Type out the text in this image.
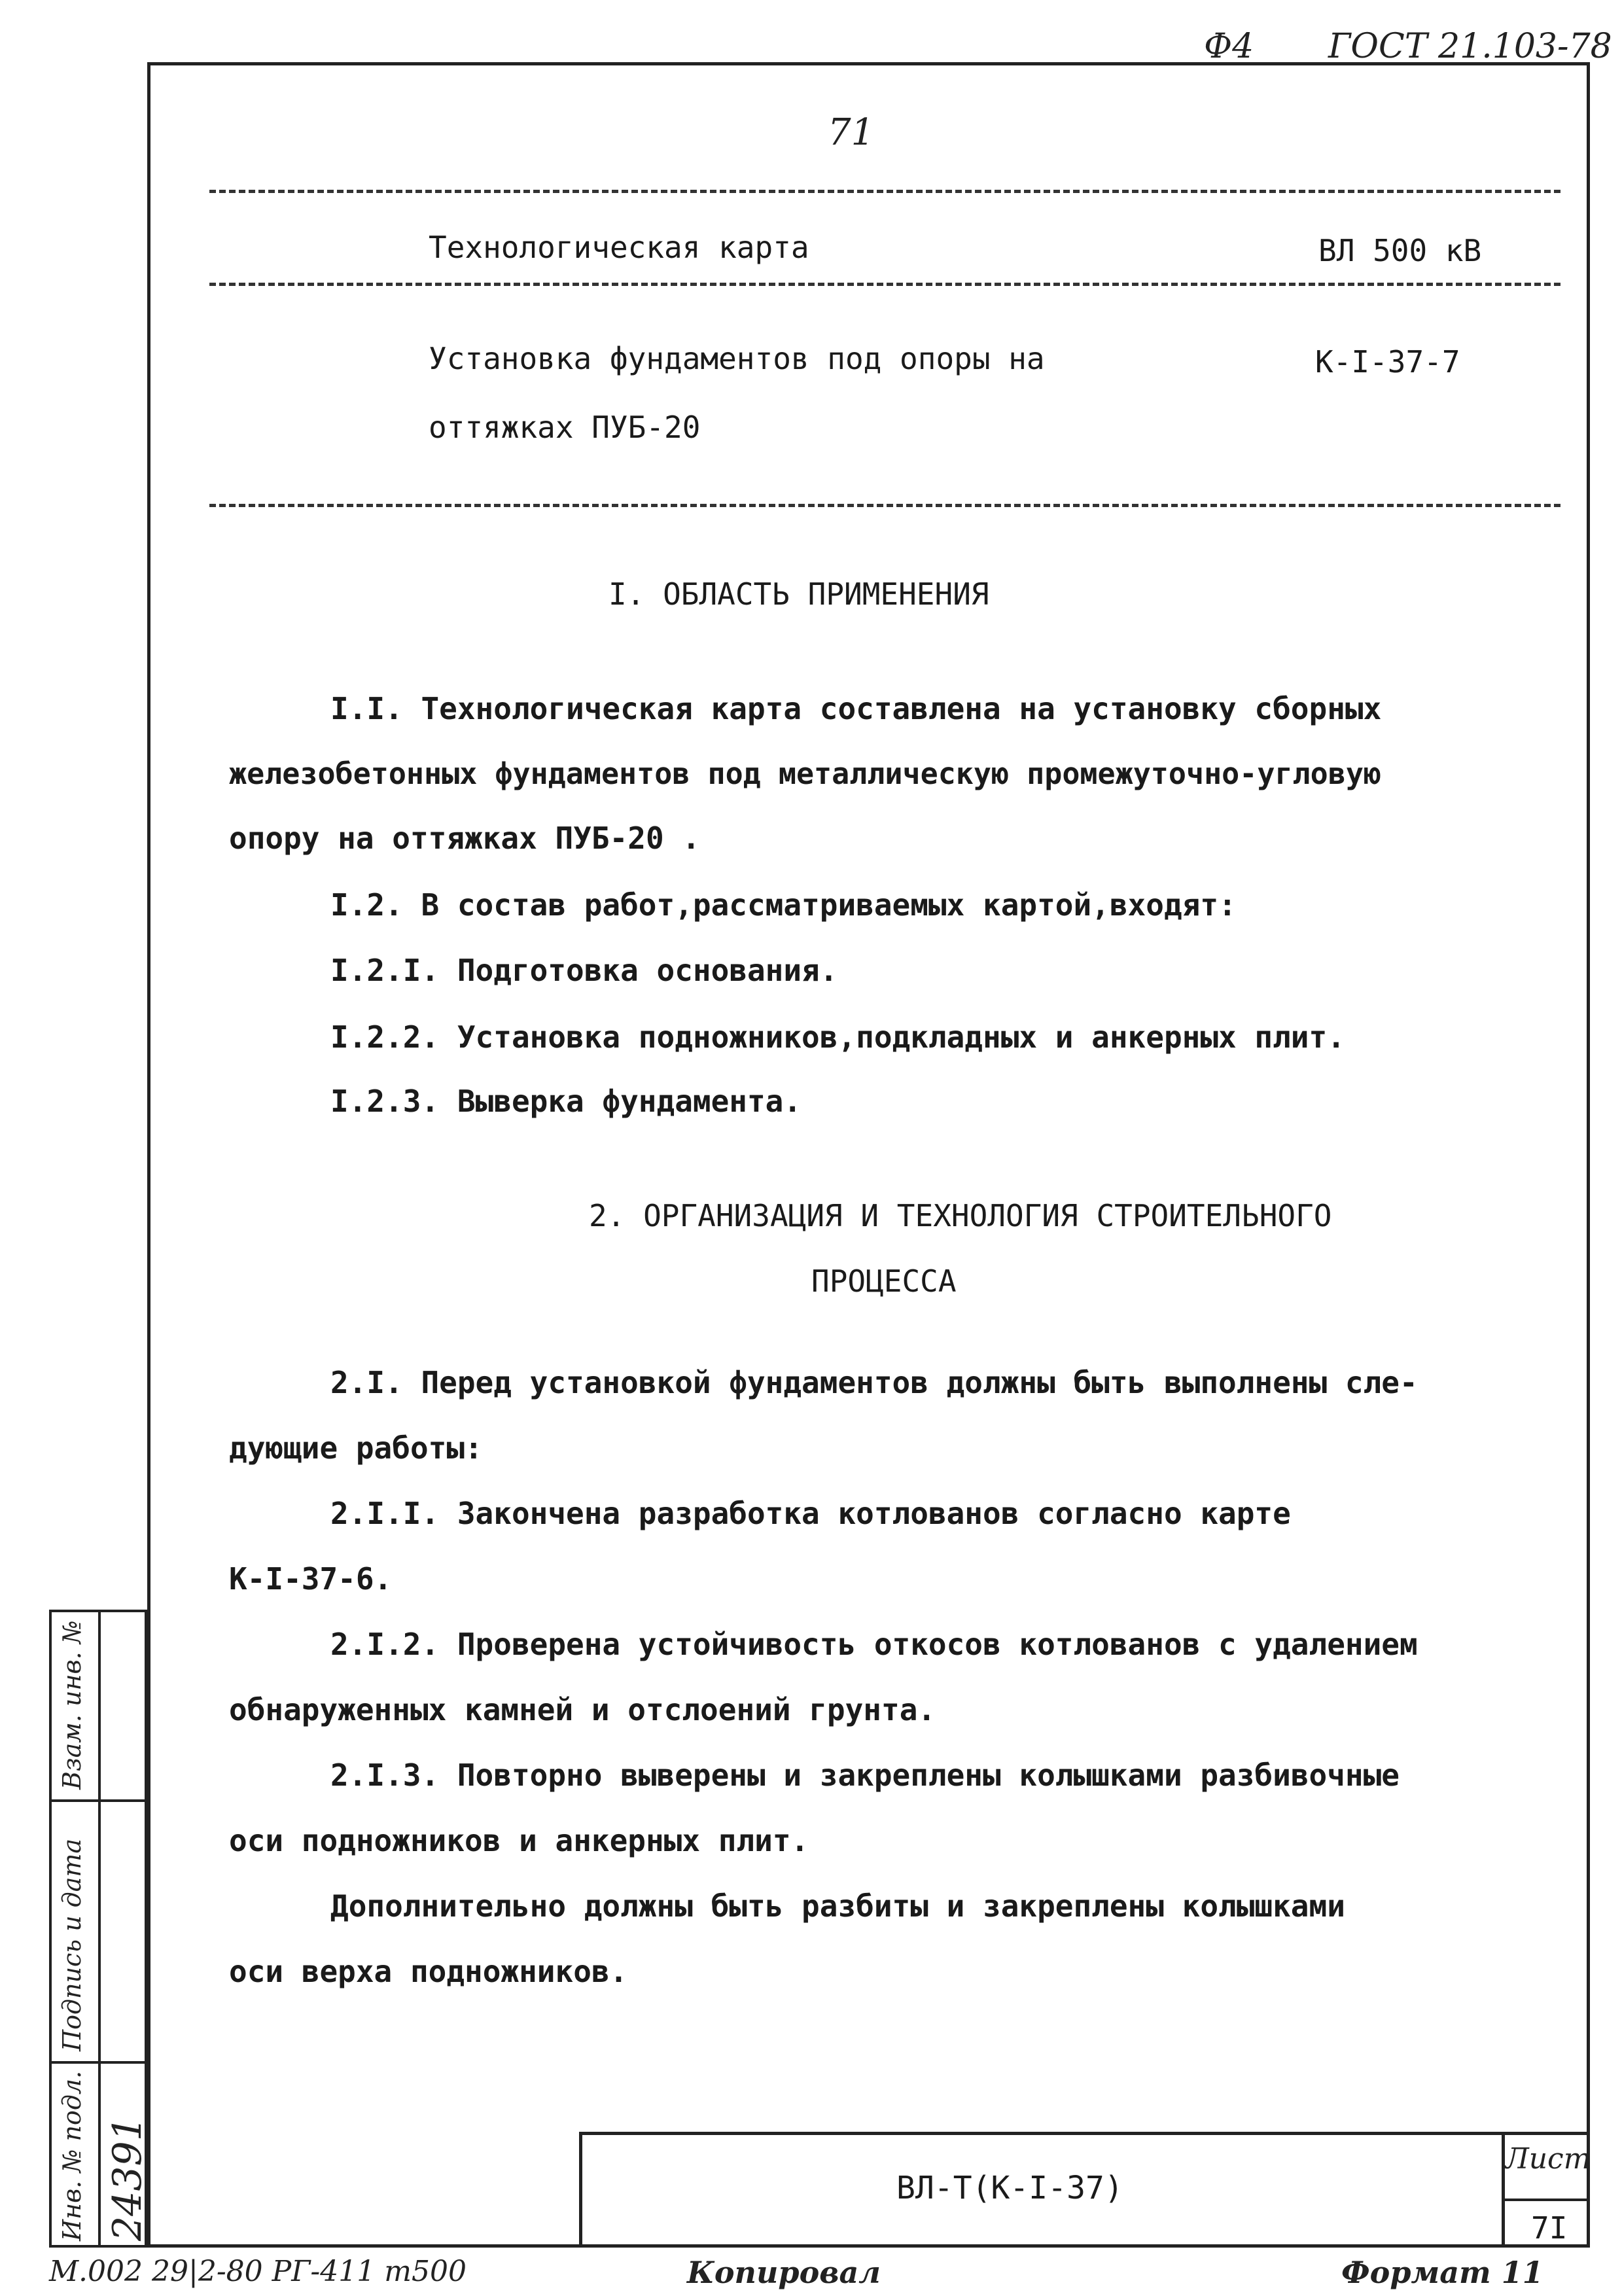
Ф4 ГОСТ 21.103-78
71
Технологическая карта	ВЛ 500 кВ
Установка фундаментов под опоры на	К-I-37-7
оттяжках ПУБ-20
I. ОБЛАСТЬ ПРИМЕНЕНИЯ
I.I. Технологическая карта составлена на установку сборных
железобетонных фундаментов под металлическую промежуточно-угловую
опору на оттяжках ПУБ-20 .
I.2. В состав работ,рассматриваемых картой,входят:
I.2.I. Подготовка основания.
I.2.2. Установка подножников,подкладных и анкерных плит.
I.2.3. Выверка фундамента.
2. ОРГАНИЗАЦИЯ И ТЕХНОЛОГИЯ СТРОИТЕЛЬНОГО
ПРОЦЕССА
2.I. Перед установкой фундаментов должны быть выполнены сле-
дующие работы:
2.I.I. Закончена разработка котлованов согласно карте
К-I-37-6.
2.I.2. Проверена устойчивость откосов котлованов с удалением
обнаруженных камней и отслоений грунта.
2.I.3. Повторно выверены и закреплены колышками разбивочные
оси подножников и анкерных плит.
Дополнительно должны быть разбиты и закреплены колышками
оси верха подножников.
ВЛ-Т(К-I-37)
Лист
7I
Взам. инв. №
Подпись и дата
Инв. № подл. 24391
М.002 29|2-80 РГ-411 т500	Копировал	Формат 11
